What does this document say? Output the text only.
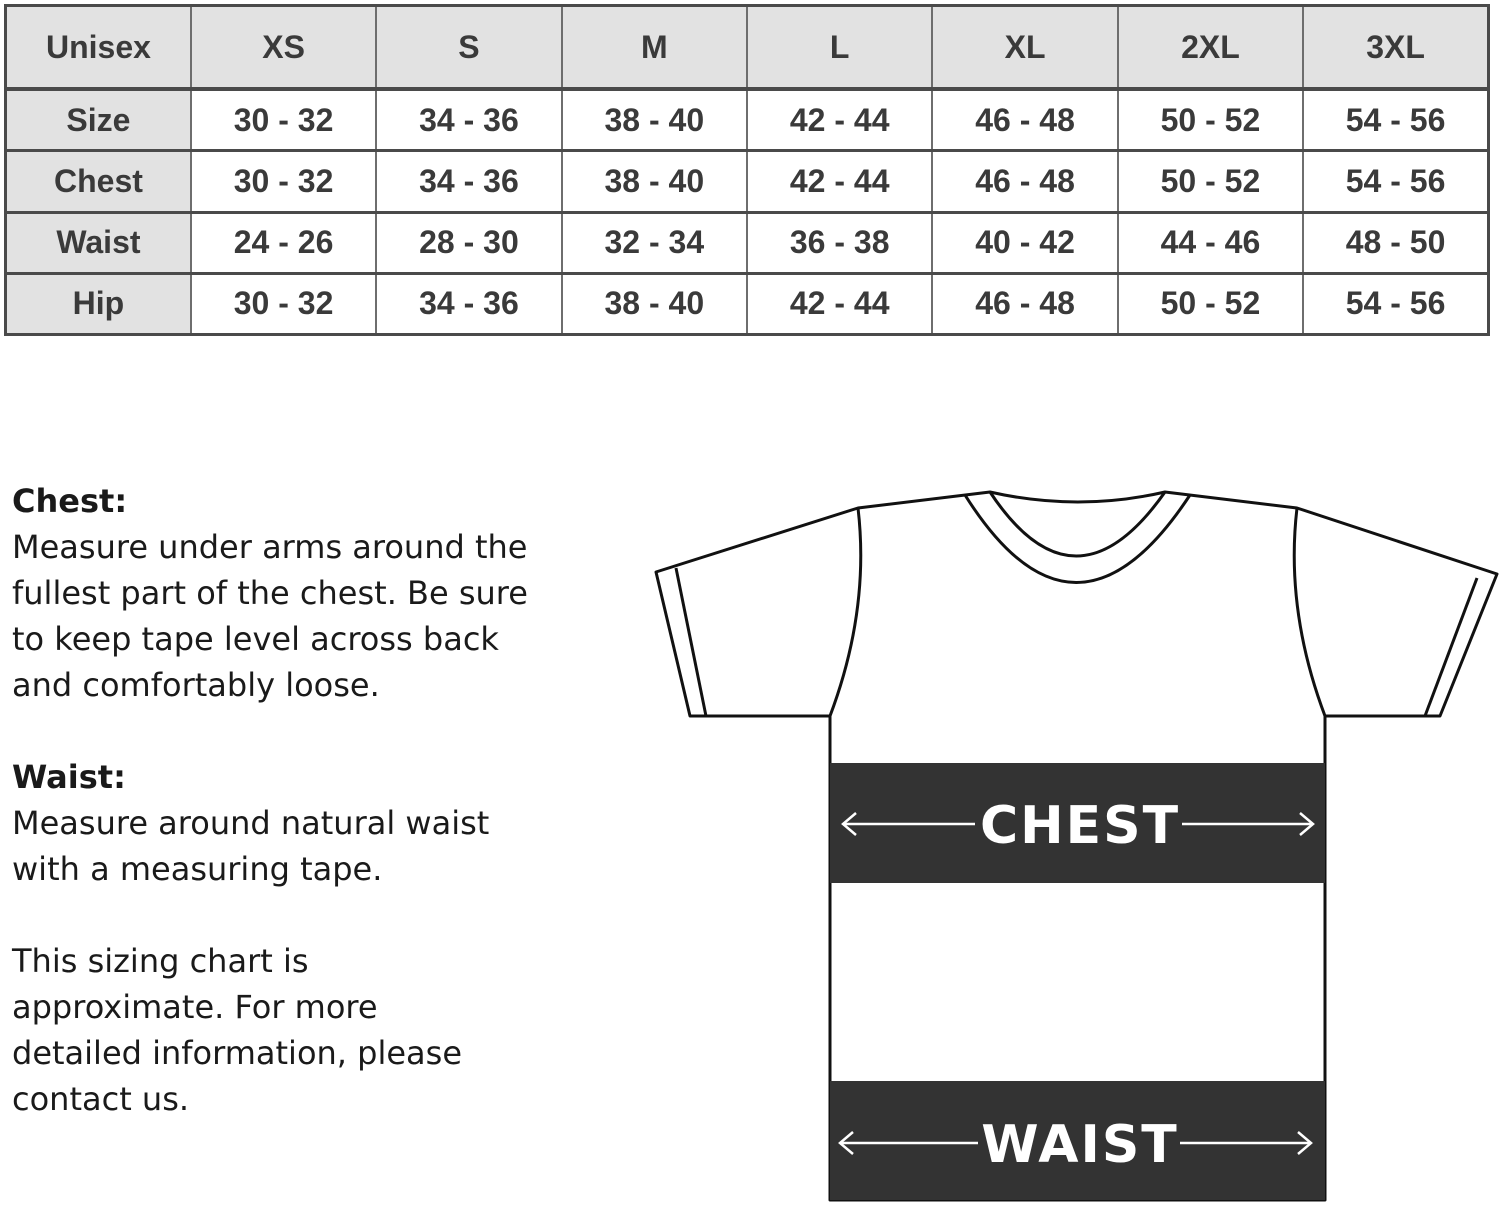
Unisex	XS	S	M	L	XL	2XL	3XL
Size	30 - 32	34 - 36	38 - 40	42 - 44	46 - 48	50 - 52	54 - 56
Chest	30 - 32	34 - 36	38 - 40	42 - 44	46 - 48	50 - 52	54 - 56
Waist	24 - 26	28 - 30	32 - 34	36 - 38	40 - 42	44 - 46	48 - 50
Hip	30 - 32	34 - 36	38 - 40	42 - 44	46 - 48	50 - 52	54 - 56

Chest:

Measure under arms around the

fullest part of the chest. Be sure

to keep tape level across back

and comfortably loose.

Waist:

Measure around natural waist

with a measuring tape.

This sizing chart is

approximate. For more

detailed information, please

contact us.

CHEST
WAIST
